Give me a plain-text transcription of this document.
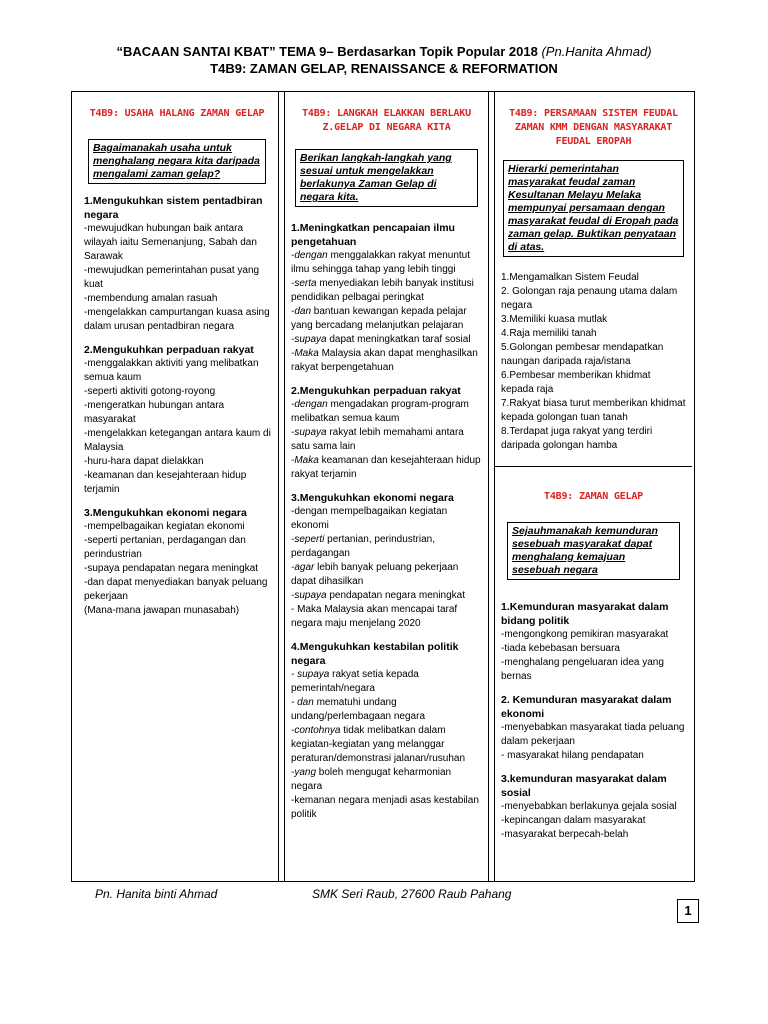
“BACAAN SANTAI KBAT” TEMA 9– Berdasarkan Topik Popular 2018 (Pn.Hanita Ahmad)
T4B9: ZAMAN GELAP, RENAISSANCE & REFORMATION
T4B9: USAHA HALANG ZAMAN GELAP
Bagaimanakah usaha untuk menghalang negara kita daripada mengalami zaman gelap?
1.Mengukuhkan sistem pentadbiran negara
-mewujudkan hubungan baik antara wilayah iaitu Semenanjung, Sabah dan Sarawak
-mewujudkan pemerintahan pusat yang kuat
-membendung amalan rasuah
-mengelakkan campurtangan kuasa asing dalam urusan pentadbiran negara
2.Mengukuhkan perpaduan rakyat
-menggalakkan aktiviti yang melibatkan semua kaum
-seperti aktiviti gotong-royong
-mengeratkan hubungan antara masyarakat
-mengelakkan ketegangan antara kaum di Malaysia
-huru-hara dapat dielakkan
-keamanan dan kesejahteraan hidup terjamin
3.Mengukuhkan ekonomi negara
-mempelbagaikan kegiatan ekonomi
-seperti pertanian, perdagangan dan perindustrian
-supaya pendapatan negara meningkat
-dan dapat menyediakan banyak peluang pekerjaan
(Mana-mana jawapan munasabah)
T4B9: LANGKAH ELAKKAN BERLAKU Z.GELAP DI NEGARA KITA
Berikan langkah-langkah yang sesuai untuk mengelakkan berlakunya Zaman Gelap di negara kita.
1.Meningkatkan pencapaian ilmu pengetahuan
-dengan menggalakkan rakyat menuntut ilmu sehingga tahap yang lebih tinggi
-serta menyediakan lebih banyak institusi pendidikan pelbagai peringkat
-dan bantuan kewangan kepada pelajar yang bercadang melanjutkan pelajaran
-supaya dapat meningkatkan taraf sosial
-Maka Malaysia akan dapat menghasilkan rakyat berpengetahuan
2.Mengukuhkan perpaduan rakyat
-dengan mengadakan program-program melibatkan semua kaum
-supaya rakyat lebih memahami antara satu sama lain
-Maka keamanan dan kesejahteraan hidup rakyat terjamin
3.Mengukuhkan ekonomi negara
-dengan mempelbagaikan kegiatan ekonomi
-seperti pertanian, perindustrian, perdagangan
-agar lebih banyak peluang pekerjaan dapat dihasilkan
-supaya pendapatan negara meningkat
- Maka Malaysia akan mencapai taraf negara maju menjelang 2020
4.Mengukuhkan kestabilan politik negara
- supaya rakyat setia kepada pemerintah/negara
- dan mematuhi undang undang/perlembagaan negara
-contohnya tidak melibatkan dalam kegiatan-kegiatan yang melanggar peraturan/demonstrasi jalanan/rusuhan
-yang boleh mengugat keharmonian negara
-kemanan negara menjadi asas kestabilan politik
T4B9: PERSAMAAN SISTEM FEUDAL ZAMAN KMM DENGAN MASYARAKAT FEUDAL EROPAH
Hierarki pemerintahan masyarakat feudal zaman Kesultanan Melayu Melaka mempunyai persamaan dengan masyarakat feudal di Eropah pada zaman gelap. Buktikan penyataan di atas.
1.Mengamalkan Sistem Feudal
2. Golongan raja penaung utama dalam negara
3.Memiliki kuasa mutlak
4.Raja memiliki tanah
5.Golongan pembesar mendapatkan naungan daripada raja/istana
6.Pembesar memberikan khidmat kepada raja
7.Rakyat biasa turut memberikan khidmat kepada golongan tuan tanah
8.Terdapat juga rakyat yang terdiri daripada golongan hamba
T4B9: ZAMAN GELAP
Sejauhmanakah kemunduran sesebuah masyarakat dapat menghalang kemajuan sesebuah negara
1.Kemunduran masyarakat dalam bidang politik
-mengongkong pemikiran masyarakat
-tiada kebebasan bersuara
-menghalang pengeluaran idea yang bernas
2. Kemunduran masyarakat dalam ekonomi
-menyebabkan masyarakat tiada peluang dalam pekerjaan
- masyarakat hilang pendapatan
3.kemunduran masyarakat dalam sosial
-menyebabkan berlakunya gejala sosial
-kepincangan dalam masyarakat
-masyarakat berpecah-belah
Pn. Hanita binti Ahmad	SMK Seri Raub, 27600 Raub Pahang
1
